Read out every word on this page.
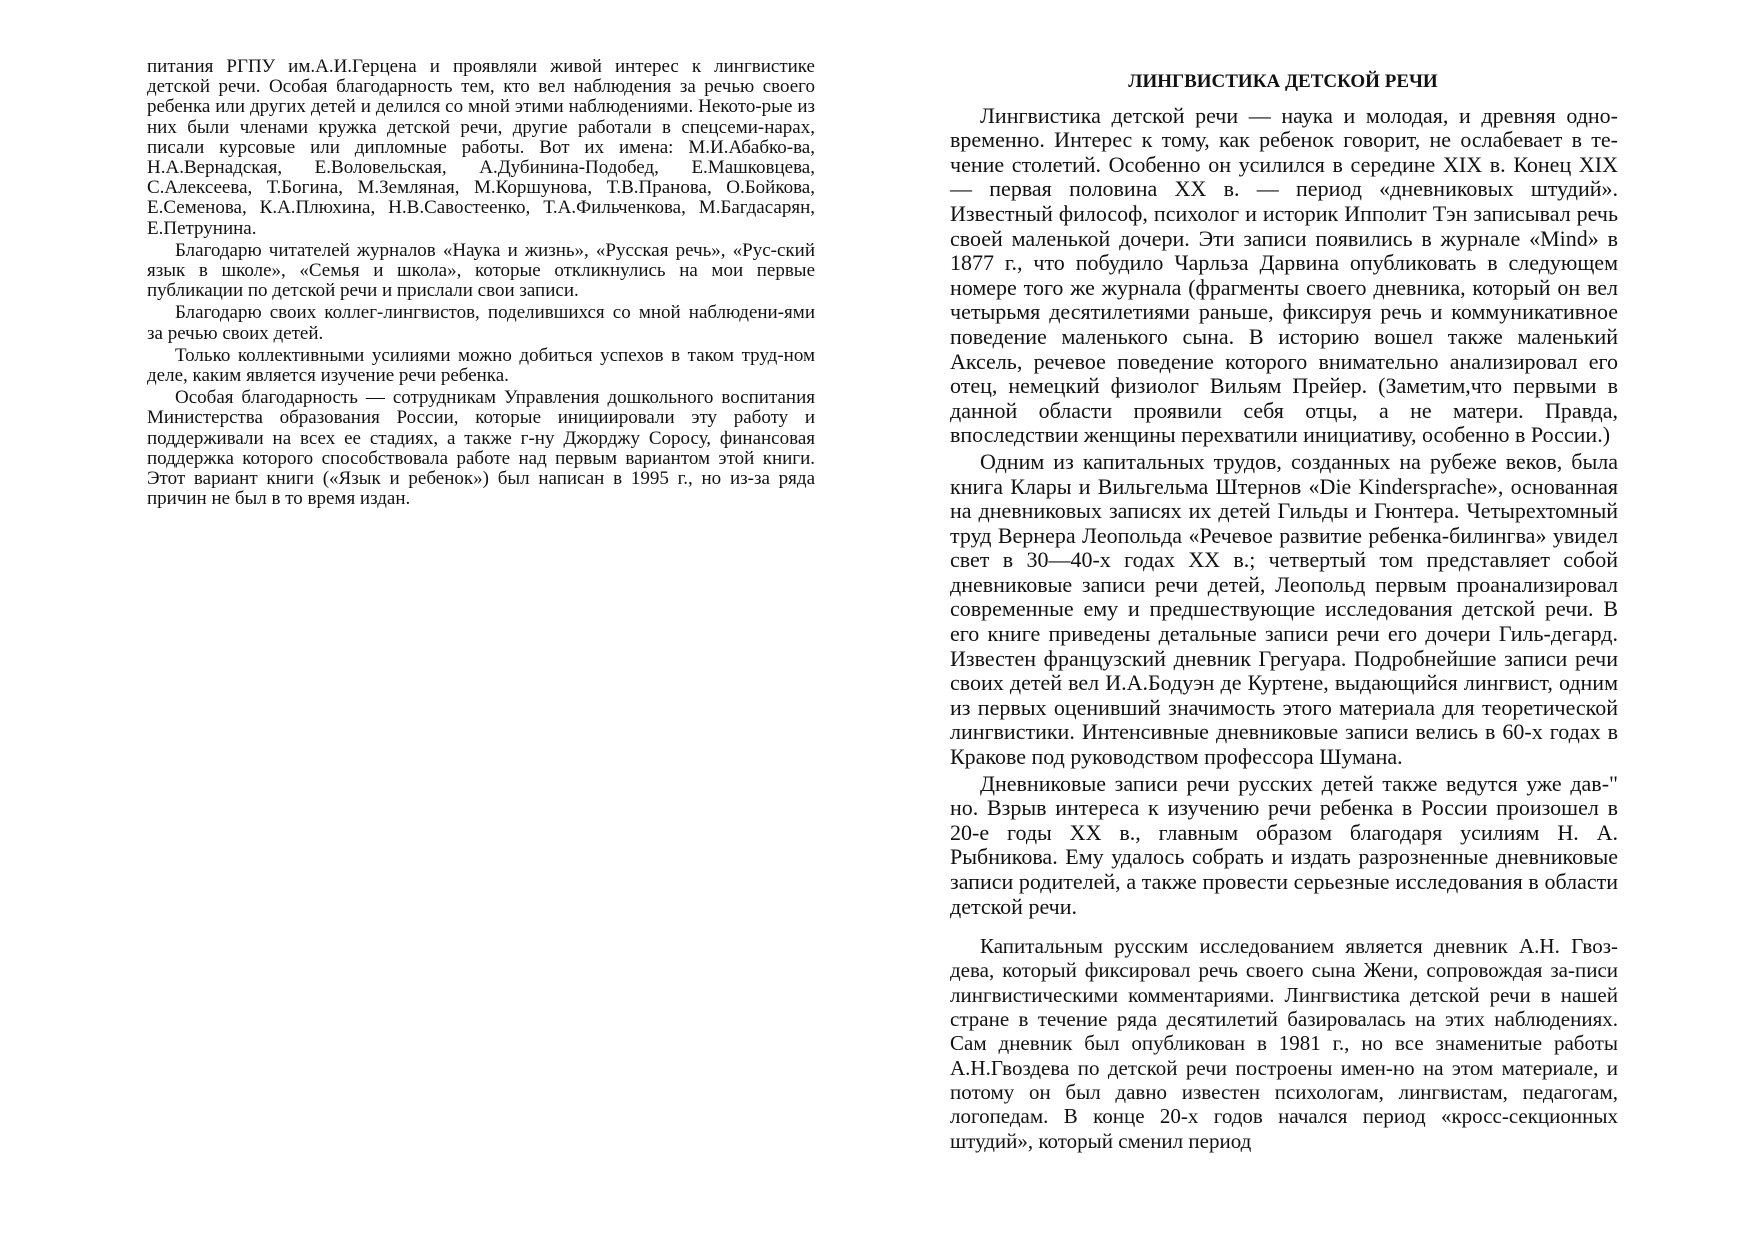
питания РГПУ им.А.И.Герцена и проявляли живой интерес к лингвистике детской речи. Особая благодарность тем, кто вел наблюдения за речью своего ребенка или других детей и делился со мной этими наблюдениями. Некото-рые из них были членами кружка детской речи, другие работали в спецсеми-нарах, писали курсовые или дипломные работы. Вот их имена: М.И.Абабко-ва, Н.А.Вернадская, Е.Воловельская, А.Дубинина-Подобед, Е.Машковцева, С.Алексеева, Т.Богина, М.Земляная, М.Коршунова, Т.В.Пранова, О.Бойкова, Е.Семенова, К.А.Плюхина, Н.В.Савостеенко, Т.А.Фильченкова, М.Багдасарян, Е.Петрунина.

Благодарю читателей журналов «Наука и жизнь», «Русская речь», «Рус-ский язык в школе», «Семья и школа», которые откликнулись на мои первые публикации по детской речи и прислали свои записи.

Благодарю своих коллег-лингвистов, поделившихся со мной наблюдени-ями за речью своих детей.

Только коллективными усилиями можно добиться успехов в таком труд-ном деле, каким является изучение речи ребенка.

Особая благодарность — сотрудникам Управления дошкольного воспитания Министерства образования России, которые инициировали эту работу и поддерживали на всех ее стадиях, а также г-ну Джорджу Соросу, финансовая поддержка которого способствовала работе над первым вариантом этой книги. Этот вариант книги («Язык и ребенок») был написан в 1995 г., но из-за ряда причин не был в то время издан.

ЛИНГВИСТИКА ДЕТСКОЙ РЕЧИ

Лингвистика детской речи — наука и молодая, и древняя одно-временно. Интерес к тому, как ребенок говорит, не ослабевает в те-чение столетий. Особенно он усилился в середине XIX в. Конец XIX — первая половина XX в. — период «дневниковых штудий». Известный философ, психолог и историк Ипполит Тэн записывал речь своей маленькой дочери. Эти записи появились в журнале «Mind» в 1877 г., что побудило Чарльза Дарвина опубликовать в следующем номере того же журнала (фрагменты своего дневника, который он вел четырьмя десятилетиями раньше, фиксируя речь и коммуникативное поведение маленького сына. В историю вошел также маленький Аксель, речевое поведение которого внимательно анализировал его отец, немецкий физиолог Вильям Прейер. (Заметим,что первыми в данной области проявили себя отцы, а не матери. Правда, впоследствии женщины перехватили инициативу, особенно в России.)

Одним из капитальных трудов, созданных на рубеже веков, была книга Клары и Вильгельма Штернов «Die Kindersprache», основанная на дневниковых записях их детей Гильды и Гюнтера. Четырехтомный труд Вернера Леопольда «Речевое развитие ребенка-билингва» увидел свет в 30—40-х годах XX в.; четвертый том представляет собой дневниковые записи речи детей, Леопольд первым проанализировал современные ему и предшествующие исследования детской речи. В его книге приведены детальные записи речи его дочери Гиль-дегард. Известен французский дневник Грегуара. Подробнейшие записи речи своих детей вел И.А.Бодуэн де Куртене, выдающийся лингвист, одним из первых оценивший значимость этого материала для теоретической лингвистики. Интенсивные дневниковые записи велись в 60-х годах в Кракове под руководством профессора Шумана.

Дневниковые записи речи русских детей также ведутся уже дав-" но. Взрыв интереса к изучению речи ребенка в России произошел в 20-е годы XX в., главным образом благодаря усилиям Н. А. Рыбникова. Ему удалось собрать и издать разрозненные дневниковые записи родителей, а также провести серьезные исследования в области детской речи.

Капитальным русским исследованием является дневник А.Н. Гвоз-дева, который фиксировал речь своего сына Жени, сопровождая за-писи лингвистическими комментариями. Лингвистика детской речи в нашей стране в течение ряда десятилетий базировалась на этих наблюдениях. Сам дневник был опубликован в 1981 г., но все знаменитые работы А.Н.Гвоздева по детской речи построены имен-но на этом материале, и потому он был давно известен психологам, лингвистам, педагогам, логопедам. В конце 20-х годов начался период «кросс-секционных штудий», который сменил период
